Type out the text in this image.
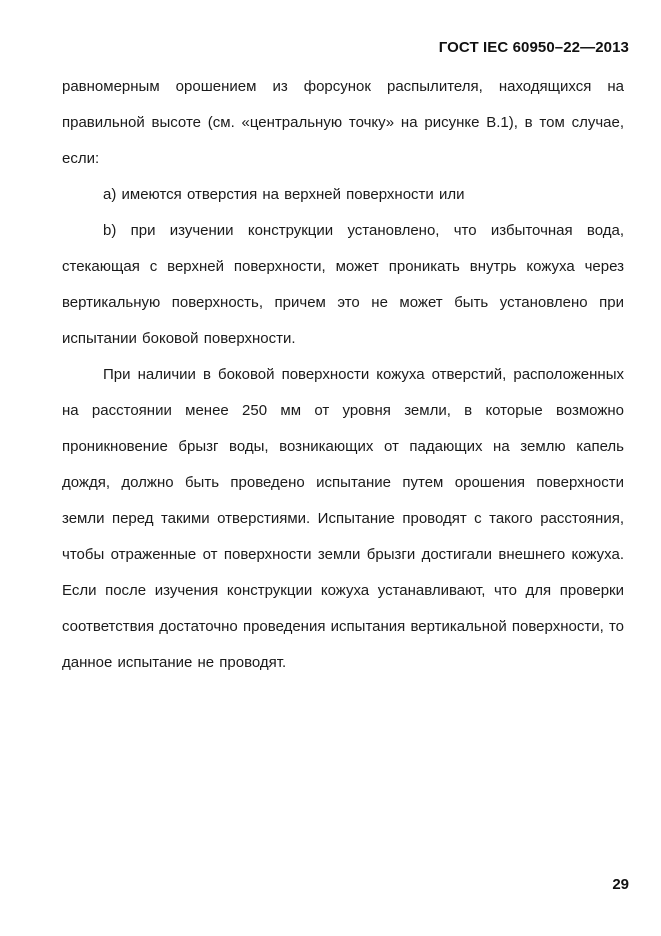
ГОСТ IEC 60950–22—2013

равномерным орошением из форсунок распылителя, находящихся на правильной высоте (см. «центральную точку» на рисунке В.1), в том случае, если:

а) имеются отверстия на верхней поверхности или

b) при изучении конструкции установлено, что избыточная вода, стекающая с верхней поверхности, может проникать внутрь кожуха через вертикальную поверхность, причем это не может быть установлено при испытании боковой поверхности.

При наличии в боковой поверхности кожуха отверстий, расположенных на расстоянии менее 250 мм от уровня земли, в которые возможно проникновение брызг воды, возникающих от падающих на землю капель дождя, должно быть проведено испытание путем орошения поверхности земли перед такими отверстиями. Испытание проводят с такого расстояния, чтобы отраженные от поверхности земли брызги достигали внешнего кожуха. Если после изучения конструкции кожуха устанавливают, что для проверки соответствия достаточно проведения испытания вертикальной поверхности, то данное испытание не проводят.

29
